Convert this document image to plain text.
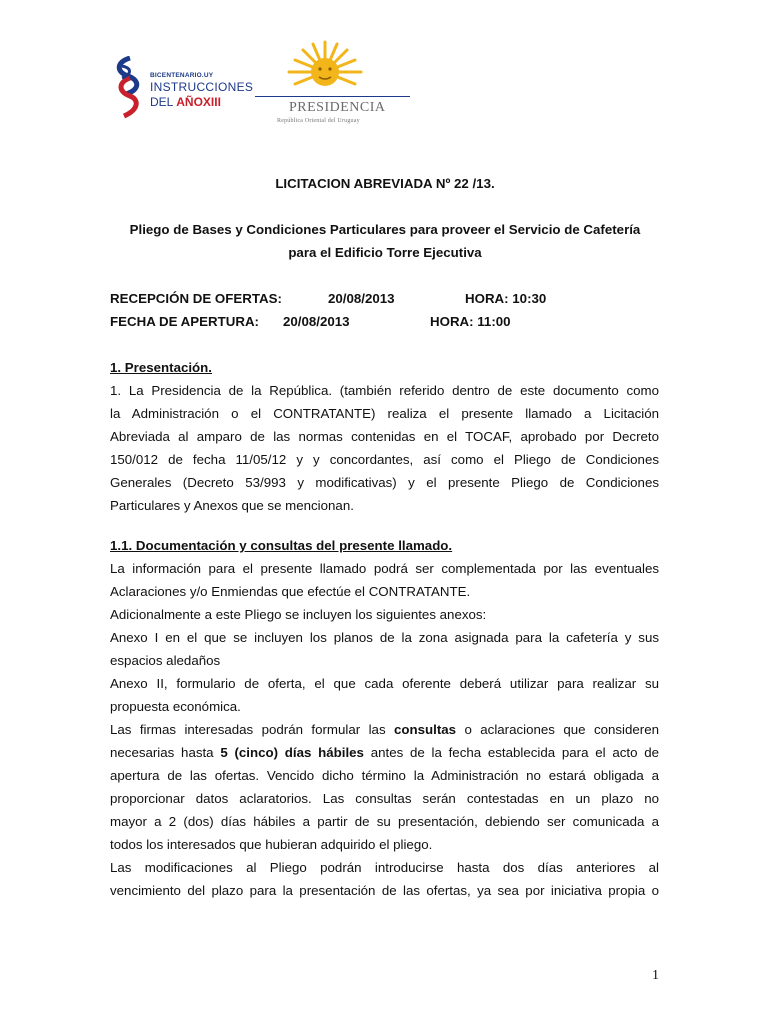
BICENTENARIO.UY
INSTRUCCIONES
DEL AÑOXIII	PRESIDENCIA
República Oriental del Uruguay
LICITACION ABREVIADA Nº 22 /13.
Pliego de Bases y Condiciones Particulares para proveer el Servicio de Cafetería
para el Edificio Torre Ejecutiva
RECEPCIÓN DE OFERTAS:	20/08/2013	HORA: 10:30
FECHA DE APERTURA: 20/08/2013	HORA: 11:00
1. Presentación.
1. La Presidencia de la República. (también referido dentro de este documento como
la Administración o el CONTRATANTE) realiza el presente llamado a Licitación
Abreviada al amparo de las normas contenidas en el TOCAF, aprobado por Decreto
150/012 de fecha 11/05/12 y y concordantes, así como el Pliego de Condiciones
Generales (Decreto 53/993 y modificativas) y el presente Pliego de Condiciones
Particulares y Anexos que se mencionan.
1.1. Documentación y consultas del presente llamado.
La información para el presente llamado podrá ser complementada por las eventuales
Aclaraciones y/o Enmiendas que efectúe el CONTRATANTE.
Adicionalmente a este Pliego se incluyen los siguientes anexos:
Anexo I en el que se incluyen los planos de la zona asignada para la cafetería y sus
espacios aledaños
Anexo II, formulario de oferta, el que cada oferente deberá utilizar para realizar su
propuesta económica.
Las firmas interesadas podrán formular las consultas o aclaraciones que consideren
necesarias hasta 5 (cinco) días hábiles antes de la fecha establecida para el acto de
apertura de las ofertas. Vencido dicho término la Administración no estará obligada a
proporcionar datos aclaratorios. Las consultas serán contestadas en un plazo no
mayor a 2 (dos) días hábiles a partir de su presentación, debiendo ser comunicada a
todos los interesados que hubieran adquirido el pliego.
Las modificaciones al Pliego podrán introducirse hasta dos días anteriores al
vencimiento del plazo para la presentación de las ofertas, ya sea por iniciativa propia o
1
